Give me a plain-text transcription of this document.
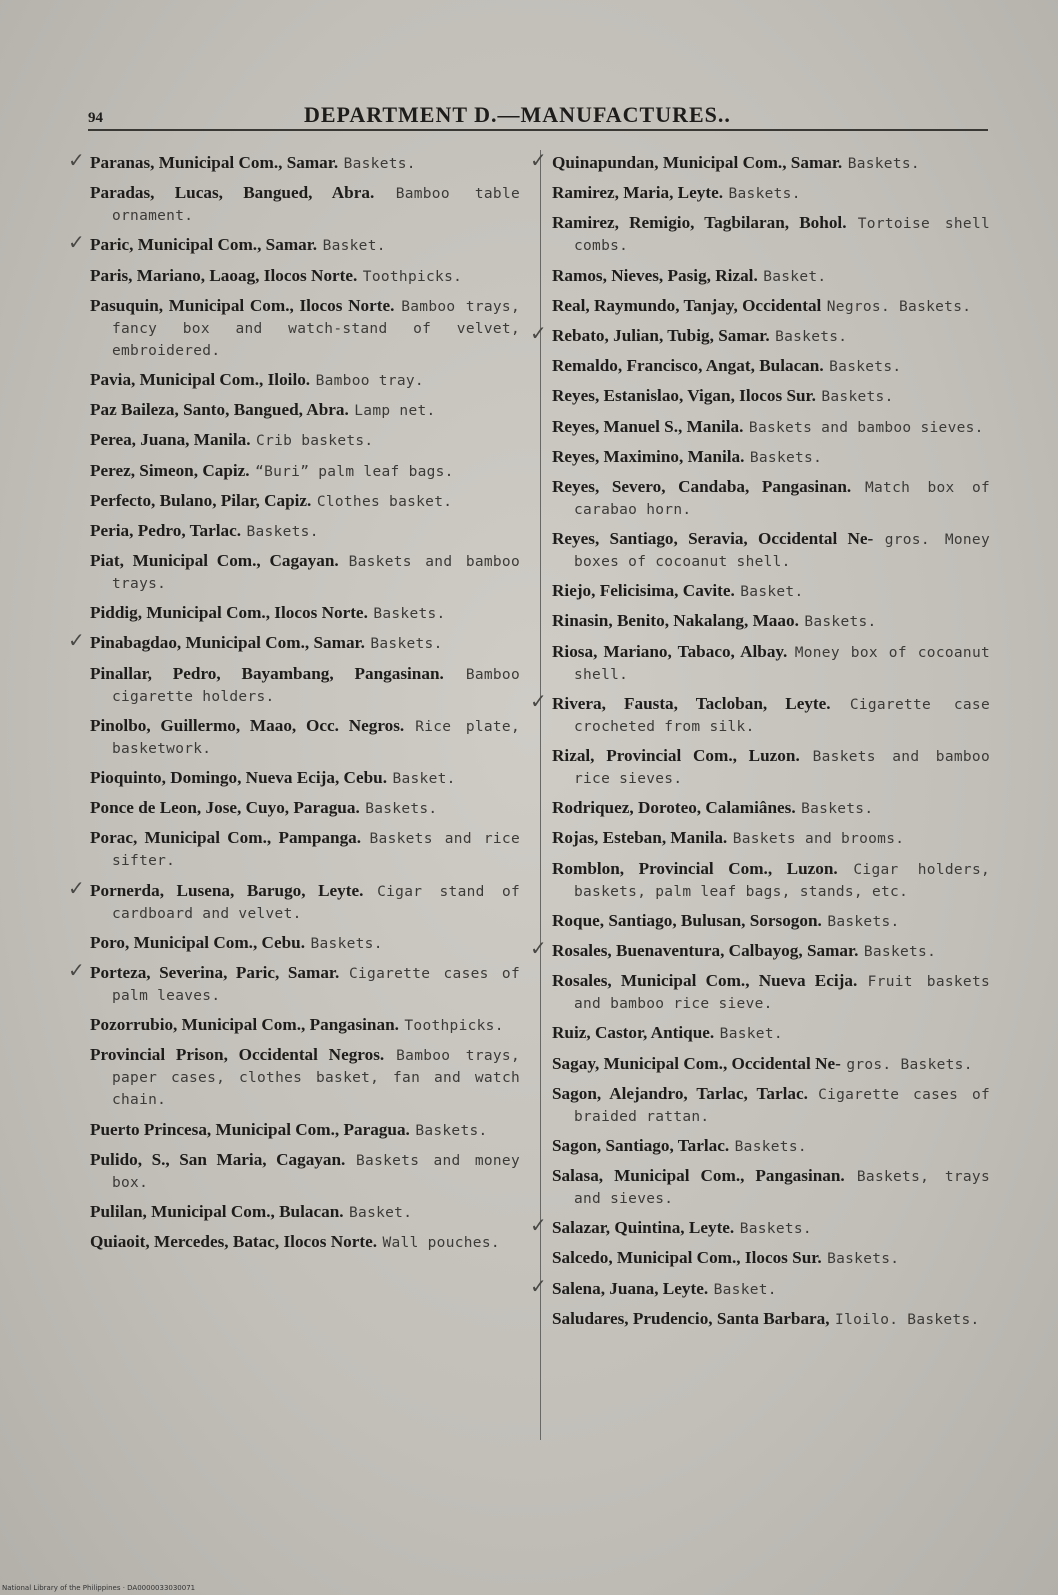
94	DEPARTMENT D.—MANUFACTURES..
✓ Paranas, Municipal Com., Samar. Baskets.
Paradas, Lucas, Bangued, Abra. Bamboo table ornament.
✓ Paric, Municipal Com., Samar. Basket.
Paris, Mariano, Laoag, Ilocos Norte. Toothpicks.
Pasuquin, Municipal Com., Ilocos Norte. Bamboo trays, fancy box and watch-stand of velvet, embroidered.
Pavia, Municipal Com., Iloilo. Bamboo tray.
Paz Baileza, Santo, Bangued, Abra. Lamp net.
Perea, Juana, Manila. Crib baskets.
Perez, Simeon, Capiz. “Buri” palm leaf bags.
Perfecto, Bulano, Pilar, Capiz. Clothes basket.
Peria, Pedro, Tarlac. Baskets.
Piat, Municipal Com., Cagayan. Baskets and bamboo trays.
Piddig, Municipal Com., Ilocos Norte. Baskets.
✓ Pinabagdao, Municipal Com., Samar. Baskets.
Pinallar, Pedro, Bayambang, Pangasinan. Bamboo cigarette holders.
Pinolbo, Guillermo, Maao, Occ. Negros. Rice plate, basketwork.
Pioquinto, Domingo, Nueva Ecija, Cebu. Basket.
Ponce de Leon, Jose, Cuyo, Paragua. Baskets.
Porac, Municipal Com., Pampanga. Baskets and rice sifter.
✓ Pornerda, Lusena, Barugo, Leyte. Cigar stand of cardboard and velvet.
Poro, Municipal Com., Cebu. Baskets.
✓ Porteza, Severina, Paric, Samar. Cigarette cases of palm leaves.
Pozorrubio, Municipal Com., Pangasinan. Toothpicks.
Provincial Prison, Occidental Negros. Bamboo trays, paper cases, clothes basket, fan and watch chain.
Puerto Princesa, Municipal Com., Paragua. Baskets.
Pulido, S., San Maria, Cagayan. Baskets and money box.
Pulilan, Municipal Com., Bulacan. Basket.
Quiaoit, Mercedes, Batac, Ilocos Norte. Wall pouches.
✓ Quinapundan, Municipal Com., Samar. Baskets.
Ramirez, Maria, Leyte. Baskets.
Ramirez, Remigio, Tagbilaran, Bohol. Tortoise shell combs.
Ramos, Nieves, Pasig, Rizal. Basket.
Real, Raymundo, Tanjay, Occidental Negros. Baskets.
✓ Rebato, Julian, Tubig, Samar. Baskets.
Remaldo, Francisco, Angat, Bulacan. Baskets.
Reyes, Estanislao, Vigan, Ilocos Sur. Baskets.
Reyes, Manuel S., Manila. Baskets and bamboo sieves.
Reyes, Maximino, Manila. Baskets.
Reyes, Severo, Candaba, Pangasinan. Match box of carabao horn.
Reyes, Santiago, Seravia, Occidental Ne- gros. Money boxes of cocoanut shell.
Riejo, Felicisima, Cavite. Basket.
Rinasin, Benito, Nakalang, Maao. Baskets.
Riosa, Mariano, Tabaco, Albay. Money box of cocoanut shell.
✓ Rivera, Fausta, Tacloban, Leyte. Cigarette case crocheted from silk.
Rizal, Provincial Com., Luzon. Baskets and bamboo rice sieves.
Rodriquez, Doroteo, Calamiânes. Baskets.
Rojas, Esteban, Manila. Baskets and brooms.
Romblon, Provincial Com., Luzon. Cigar holders, baskets, palm leaf bags, stands, etc.
Roque, Santiago, Bulusan, Sorsogon. Baskets.
✓ Rosales, Buenaventura, Calbayog, Samar. Baskets.
Rosales, Municipal Com., Nueva Ecija. Fruit baskets and bamboo rice sieve.
Ruiz, Castor, Antique. Basket.
Sagay, Municipal Com., Occidental Ne- gros. Baskets.
Sagon, Alejandro, Tarlac, Tarlac. Cigarette cases of braided rattan.
Sagon, Santiago, Tarlac. Baskets.
Salasa, Municipal Com., Pangasinan. Baskets, trays and sieves.
✓ Salazar, Quintina, Leyte. Baskets.
Salcedo, Municipal Com., Ilocos Sur. Baskets.
✓ Salena, Juana, Leyte. Basket.
Saludares, Prudencio, Santa Barbara, Iloilo. Baskets.
National Library of the Philippines · DA0000033030071
